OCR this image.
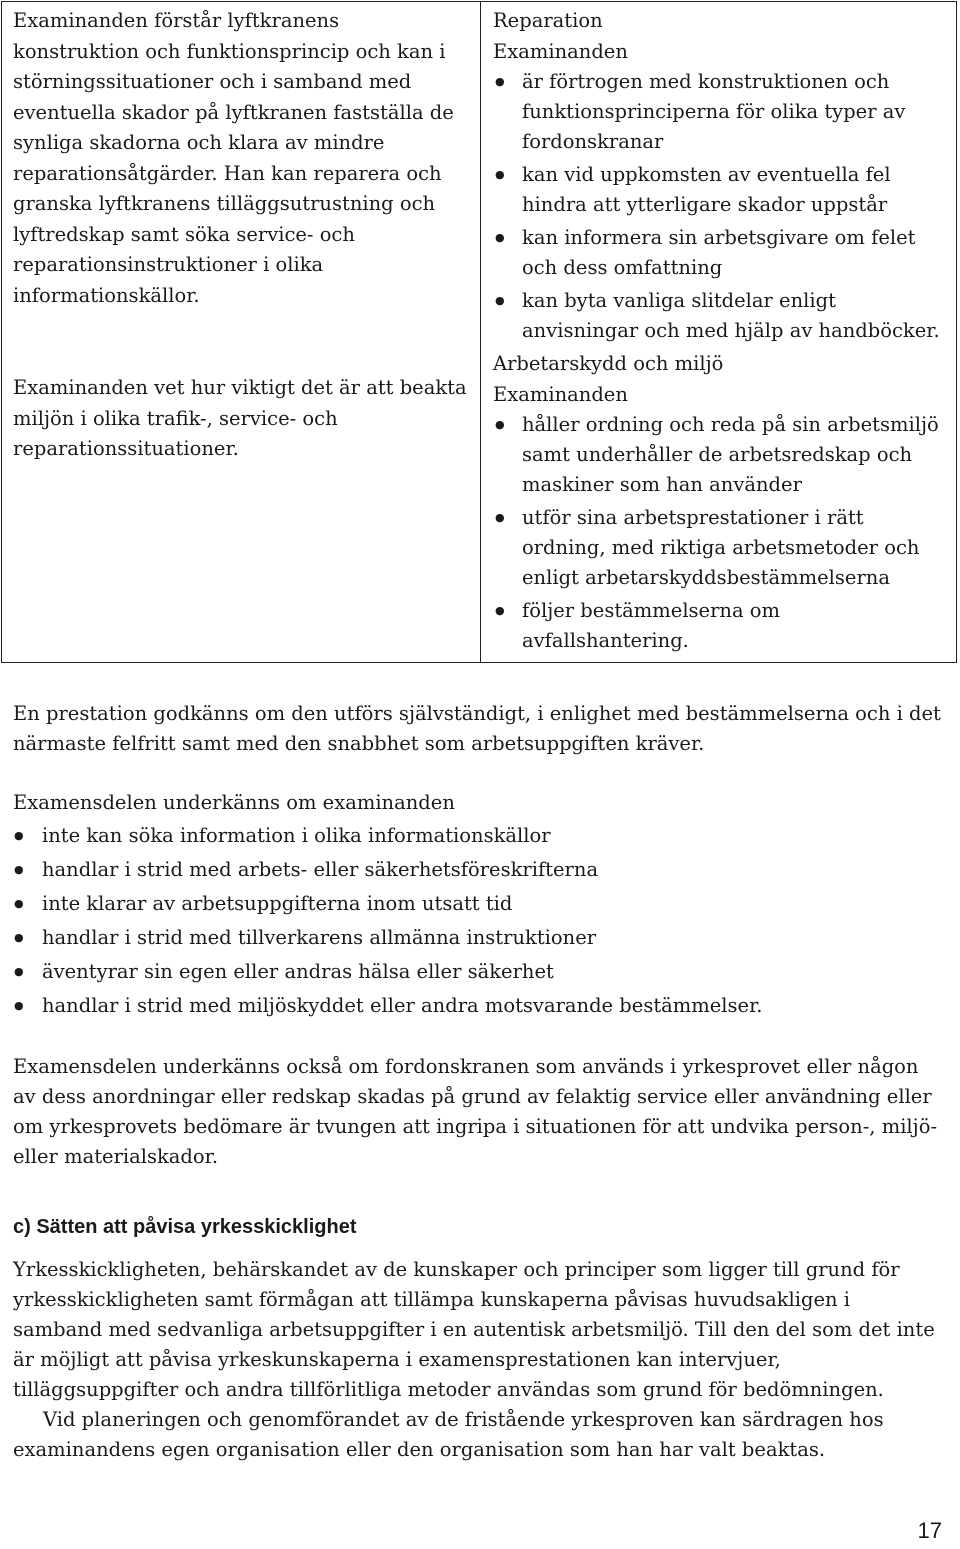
Examinanden förstår lyftkranens konstruktion och funktionsprincip och kan i störningssituationer och i samband med eventuella skador på lyftkranen fastställa de synliga skadorna och klara av mindre reparationsåtgärder. Han kan reparera och granska lyftkranens tilläggsutrustning och lyftredskap samt söka service- och reparationsinstruktioner i olika informationskällor.

Examinanden vet hur viktigt det är att beakta miljön i olika trafik-, service- och reparationssituationer.

Reparation

Examinanden

● är förtrogen med konstruktionen och funktionsprinciperna för olika typer av fordonskranar
● kan vid uppkomsten av eventuella fel hindra att ytterligare skador uppstår
● kan informera sin arbetsgivare om felet och dess omfattning
● kan byta vanliga slitdelar enligt anvisningar och med hjälp av handböcker.

Arbetarskydd och miljö

Examinanden

● håller ordning och reda på sin arbetsmiljö samt underhåller de arbetsredskap och maskiner som han använder
● utför sina arbetsprestationer i rätt ordning, med riktiga arbetsmetoder och enligt arbetarskyddsbestämmelserna
● följer bestämmelserna om avfallshantering.

En prestation godkänns om den utförs självständigt, i enlighet med bestämmelserna och i det närmaste felfritt samt med den snabbhet som arbetsuppgiften kräver.

Examensdelen underkänns om examinanden

● inte kan söka information i olika informationskällor
● handlar i strid med arbets- eller säkerhetsföreskrifterna
● inte klarar av arbetsuppgifterna inom utsatt tid
● handlar i strid med tillverkarens allmänna instruktioner
● äventyrar sin egen eller andras hälsa eller säkerhet
● handlar i strid med miljöskyddet eller andra motsvarande bestämmelser.

Examensdelen underkänns också om fordonskranen som används i yrkesprovet eller någon av dess anordningar eller redskap skadas på grund av felaktig service eller användning eller om yrkesprovets bedömare är tvungen att ingripa i situationen för att undvika person-, miljö- eller materialskador.

c) Sätten att påvisa yrkesskicklighet

Yrkesskickligheten, behärskandet av de kunskaper och principer som ligger till grund för yrkesskickligheten samt förmågan att tillämpa kunskaperna påvisas huvudsakligen i samband med sedvanliga arbetsuppgifter i en autentisk arbetsmiljö. Till den del som det inte är möjligt att påvisa yrkeskunskaperna i examensprestationen kan intervjuer, tilläggsuppgifter och andra tillförlitliga metoder användas som grund för bedömningen.

Vid planeringen och genomförandet av de fristående yrkesproven kan särdragen hos examinandens egen organisation eller den organisation som han har valt beaktas.

17
